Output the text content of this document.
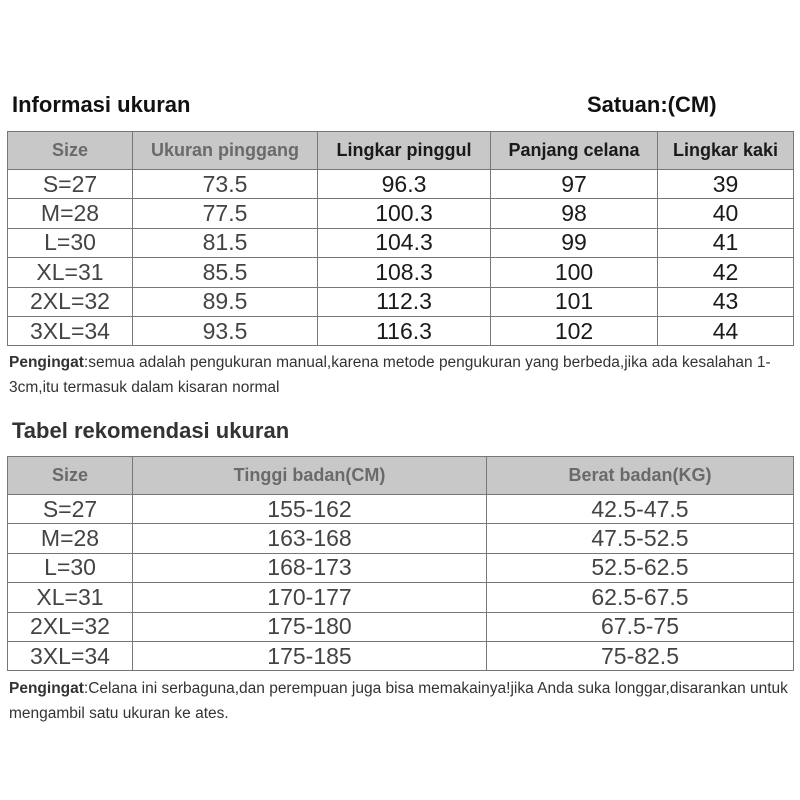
Informasi ukuran	Satuan:(CM)
Size	Ukuran pinggang	Lingkar pinggul	Panjang celana	Lingkar kaki
S=27	73.5	96.3	97	39
M=28	77.5	100.3	98	40
L=30	81.5	104.3	99	41
XL=31	85.5	108.3	100	42
2XL=32	89.5	112.3	101	43
3XL=34	93.5	116.3	102	44
Pengingat:semua adalah pengukuran manual,karena metode pengukuran yang berbeda,jika ada kesalahan 1-3cm,itu termasuk dalam kisaran normal
Tabel rekomendasi ukuran
Size	Tinggi badan(CM)	Berat badan(KG)
S=27	155-162	42.5-47.5
M=28	163-168	47.5-52.5
L=30	168-173	52.5-62.5
XL=31	170-177	62.5-67.5
2XL=32	175-180	67.5-75
3XL=34	175-185	75-82.5
Pengingat:Celana ini serbaguna,dan perempuan juga bisa memakainya!jika Anda suka longgar,disarankan untuk mengambil satu ukuran ke ates.
